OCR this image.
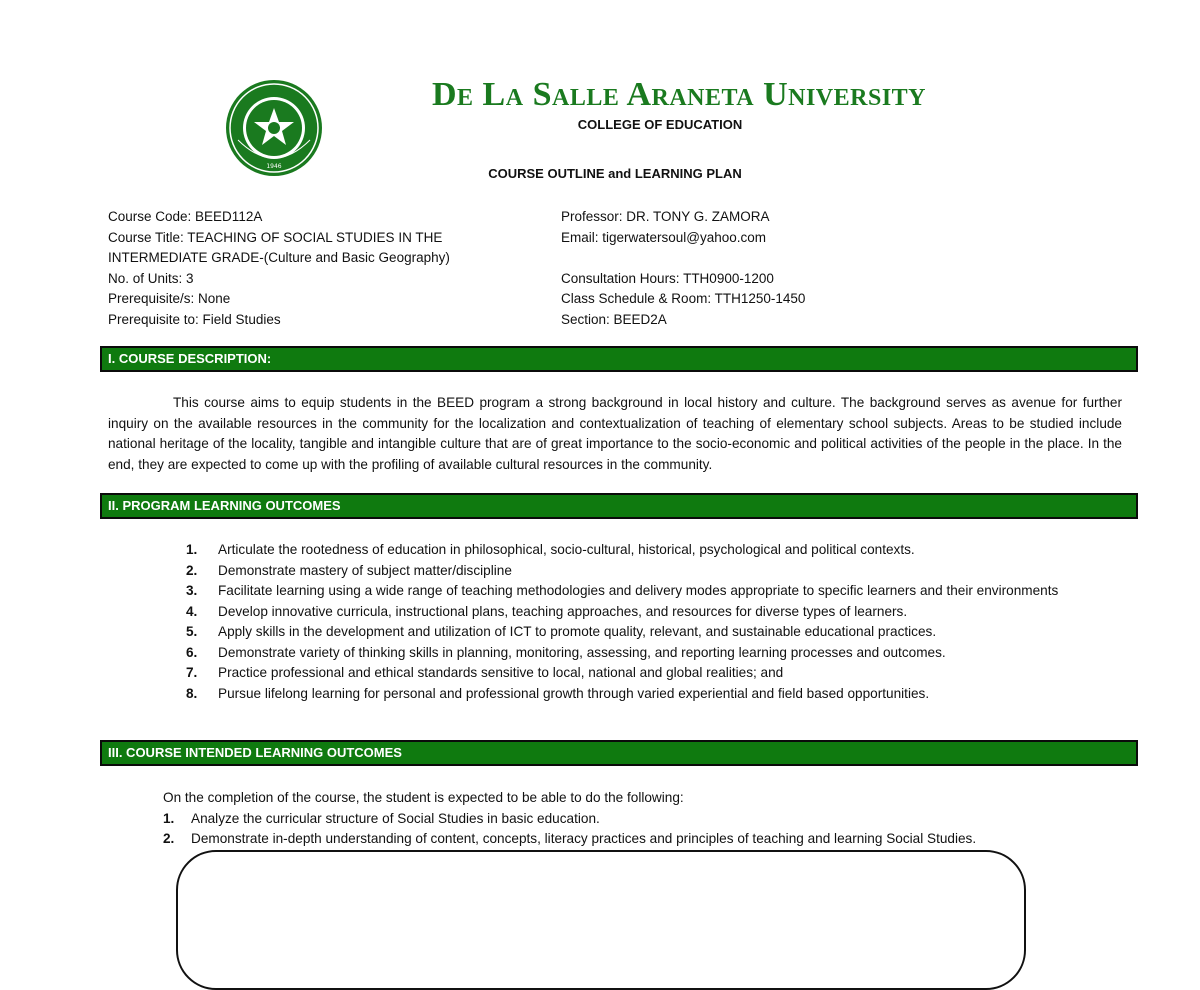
1946
De La Salle Araneta University
COLLEGE OF EDUCATION
COURSE OUTLINE and LEARNING PLAN
Course Code: BEED112A
Course Title: TEACHING OF SOCIAL STUDIES IN THE
INTERMEDIATE GRADE-(Culture and Basic Geography)
No. of Units: 3
Prerequisite/s: None
Prerequisite to: Field Studies
Professor: DR. TONY G. ZAMORA
Email: tigerwatersoul@yahoo.com

Consultation Hours: TTH0900-1200
Class Schedule & Room: TTH1250-1450
Section: BEED2A
I. COURSE DESCRIPTION:
This course aims to equip students in the BEED program a strong background in local history and culture. The background serves as avenue for further inquiry on the available resources in the community for the localization and contextualization of teaching of elementary school subjects. Areas to be studied include national heritage of the locality, tangible and intangible culture that are of great importance to the socio-economic and political activities of the people in the place. In the end, they are expected to come up with the profiling of available cultural resources in the community.
II. PROGRAM LEARNING OUTCOMES
1. Articulate the rootedness of education in philosophical, socio-cultural, historical, psychological and political contexts.
2. Demonstrate mastery of subject matter/discipline
3. Facilitate learning using a wide range of teaching methodologies and delivery modes appropriate to specific learners and their environments
4. Develop innovative curricula, instructional plans, teaching approaches, and resources for diverse types of learners.
5. Apply skills in the development and utilization of ICT to promote quality, relevant, and sustainable educational practices.
6. Demonstrate variety of thinking skills in planning, monitoring, assessing, and reporting learning processes and outcomes.
7. Practice professional and ethical standards sensitive to local, national and global realities; and
8. Pursue lifelong learning for personal and professional growth through varied experiential and field based opportunities.
III. COURSE INTENDED LEARNING OUTCOMES
On the completion of the course, the student is expected to be able to do the following:
1. Analyze the curricular structure of Social Studies in basic education.
2. Demonstrate in-depth understanding of content, concepts, literacy practices and principles of teaching and learning Social Studies.
